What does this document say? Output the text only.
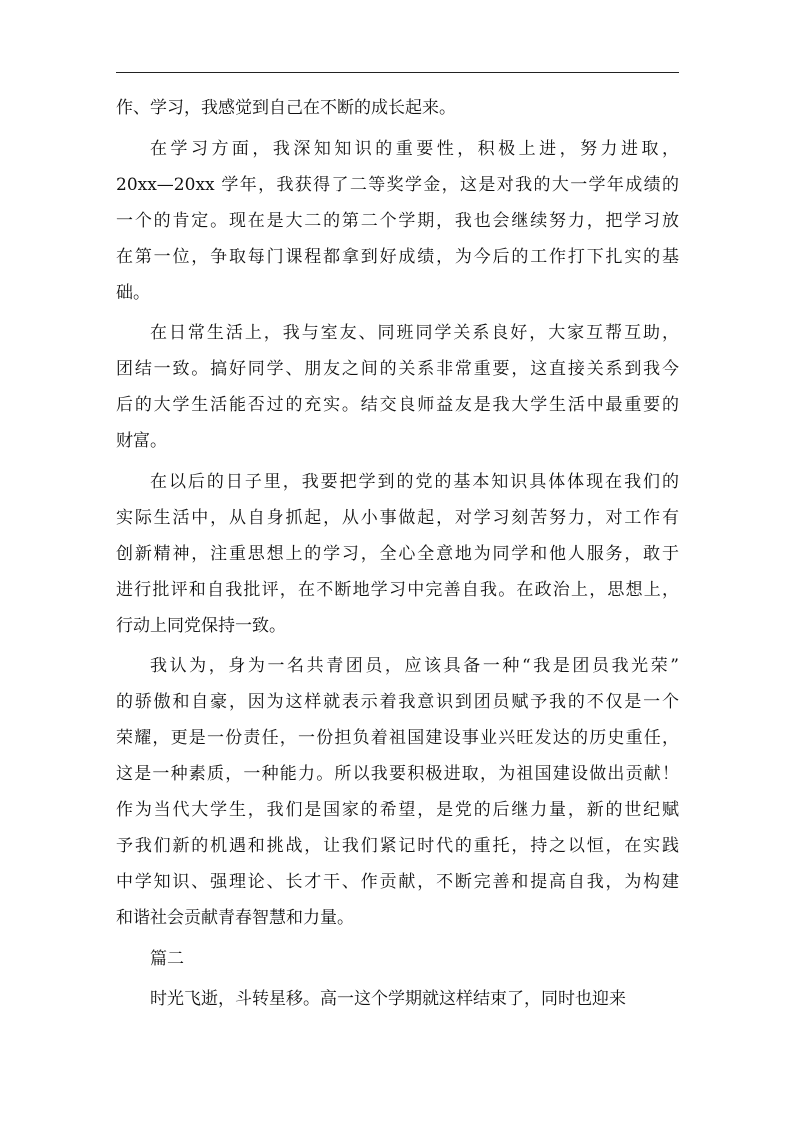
作、学习，我感觉到自己在不断的成长起来。
在学习方面，我深知知识的重要性，积极上进，努力进取，
20xx—20xx 学年，我获得了二等奖学金，这是对我的大一学年成绩的
一个的肯定。现在是大二的第二个学期，我也会继续努力，把学习放
在第一位，争取每门课程都拿到好成绩，为今后的工作打下扎实的基
础。
在日常生活上，我与室友、同班同学关系良好，大家互帮互助，
团结一致。搞好同学、朋友之间的关系非常重要，这直接关系到我今
后的大学生活能否过的充实。结交良师益友是我大学生活中最重要的
财富。
在以后的日子里，我要把学到的党的基本知识具体体现在我们的
实际生活中，从自身抓起，从小事做起，对学习刻苦努力，对工作有
创新精神，注重思想上的学习，全心全意地为同学和他人服务，敢于
进行批评和自我批评，在不断地学习中完善自我。在政治上，思想上，
行动上同党保持一致。
我认为，身为一名共青团员，应该具备一种“我是团员我光荣”
的骄傲和自豪，因为这样就表示着我意识到团员赋予我的不仅是一个
荣耀，更是一份责任，一份担负着祖国建设事业兴旺发达的历史重任，
这是一种素质，一种能力。所以我要积极进取，为祖国建设做出贡献！
作为当代大学生，我们是国家的希望，是党的后继力量，新的世纪赋
予我们新的机遇和挑战，让我们紧记时代的重托，持之以恒，在实践
中学知识、强理论、长才干、作贡献，不断完善和提高自我，为构建
和谐社会贡献青春智慧和力量。
篇二
时光飞逝，斗转星移。高一这个学期就这样结束了，同时也迎来
